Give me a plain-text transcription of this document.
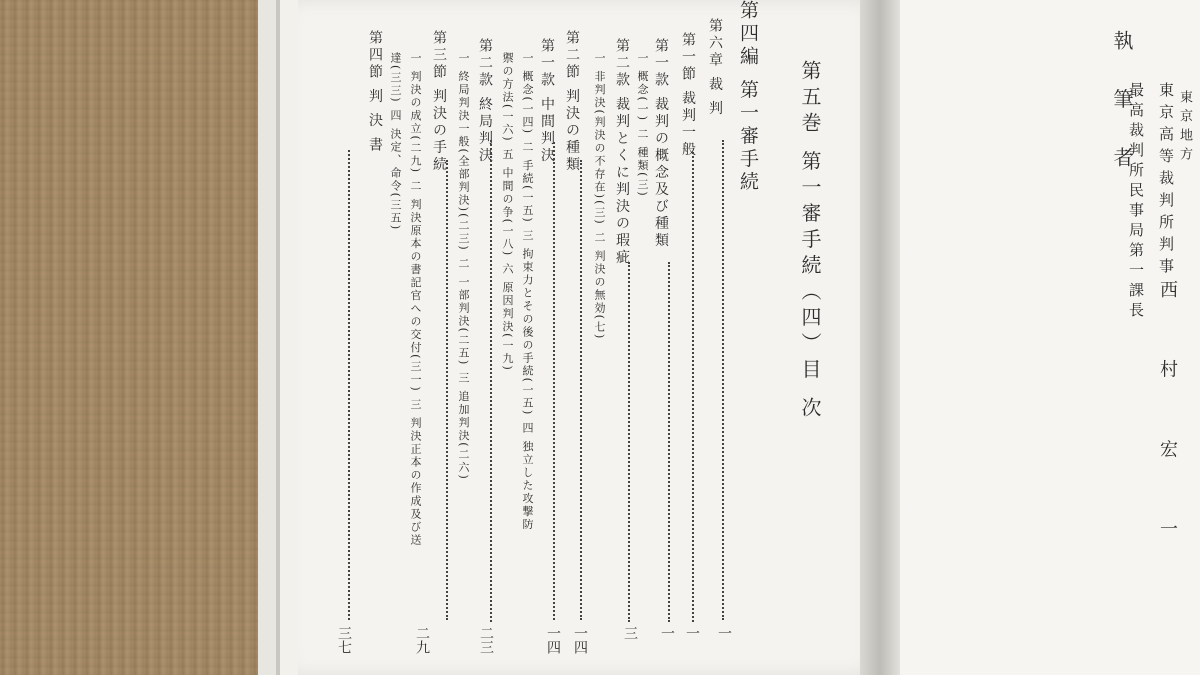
第五巻 第一審手続（四）目 次
第四編 第一審手続
第六章 裁 判
一
第一節 裁判一般
一
第一款 裁判の概念及び種類
一
一 概念(一) 二 種類(三)
第二款 裁判とくに判決の瑕疵
三
一 非判決(判決の不存在)(三) 二 判決の無効(七)
第二節 判決の種類
一四
第一款 中間判決
一四
一 概念(一四) 二 手続(一五) 三 拘束力とその後の手続(一五) 四 独立した攻撃防
禦の方法(一六) 五 中間の争(一八) 六 原因判決(一九)
第二款 終局判決
二三
一 終局判決一般(全部判決)(二三) 二 一部判決(二五) 三 追加判決(二六)
第三節 判決の手続
二九
一 判決の成立(二九) 二 判決原本の書記官への交付(三一) 三 判決正本の作成及び送
達(三三) 四 決定、命令(三五)
第四節 判 決 書
三七
執 筆 者	東京地方
東京高等裁判所判事
最高裁判所民事局第一課長
西 村 宏 一
